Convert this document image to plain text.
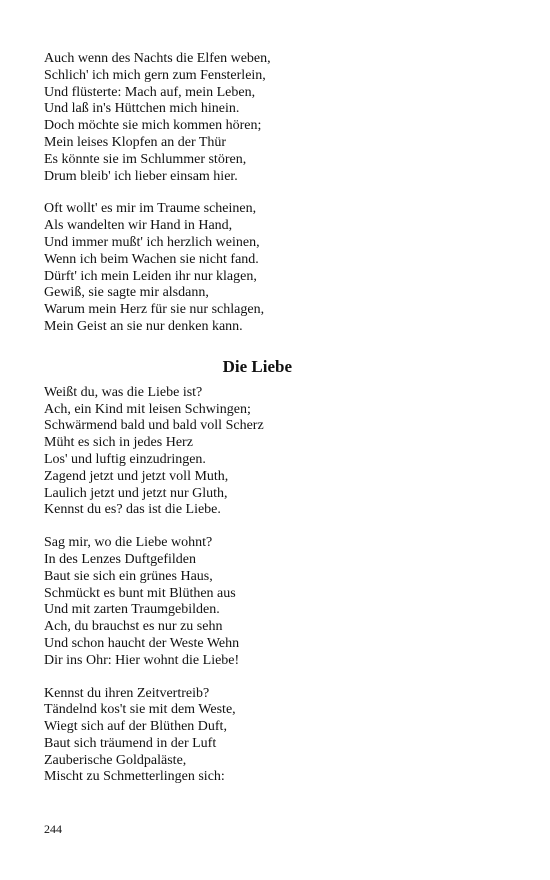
Auch wenn des Nachts die Elfen weben,
Schlich' ich mich gern zum Fensterlein,
Und flüsterte: Mach auf, mein Leben,
Und laß in's Hüttchen mich hinein.
Doch möchte sie mich kommen hören;
Mein leises Klopfen an der Thür
Es könnte sie im Schlummer stören,
Drum bleib' ich lieber einsam hier.
Oft wollt' es mir im Traume scheinen,
Als wandelten wir Hand in Hand,
Und immer mußt' ich herzlich weinen,
Wenn ich beim Wachen sie nicht fand.
Dürft' ich mein Leiden ihr nur klagen,
Gewiß, sie sagte mir alsdann,
Warum mein Herz für sie nur schlagen,
Mein Geist an sie nur denken kann.
Die Liebe
Weißt du, was die Liebe ist?
Ach, ein Kind mit leisen Schwingen;
Schwärmend bald und bald voll Scherz
Müht es sich in jedes Herz
Los' und luftig einzudringen.
Zagend jetzt und jetzt voll Muth,
Laulich jetzt und jetzt nur Gluth,
Kennst du es? das ist die Liebe.
Sag mir, wo die Liebe wohnt?
In des Lenzes Duftgefilden
Baut sie sich ein grünes Haus,
Schmückt es bunt mit Blüthen aus
Und mit zarten Traumgebilden.
Ach, du brauchst es nur zu sehn
Und schon haucht der Weste Wehn
Dir ins Ohr: Hier wohnt die Liebe!
Kennst du ihren Zeitvertreib?
Tändelnd kos't sie mit dem Weste,
Wiegt sich auf der Blüthen Duft,
Baut sich träumend in der Luft
Zauberische Goldpaläste,
Mischt zu Schmetterlingen sich:
244
